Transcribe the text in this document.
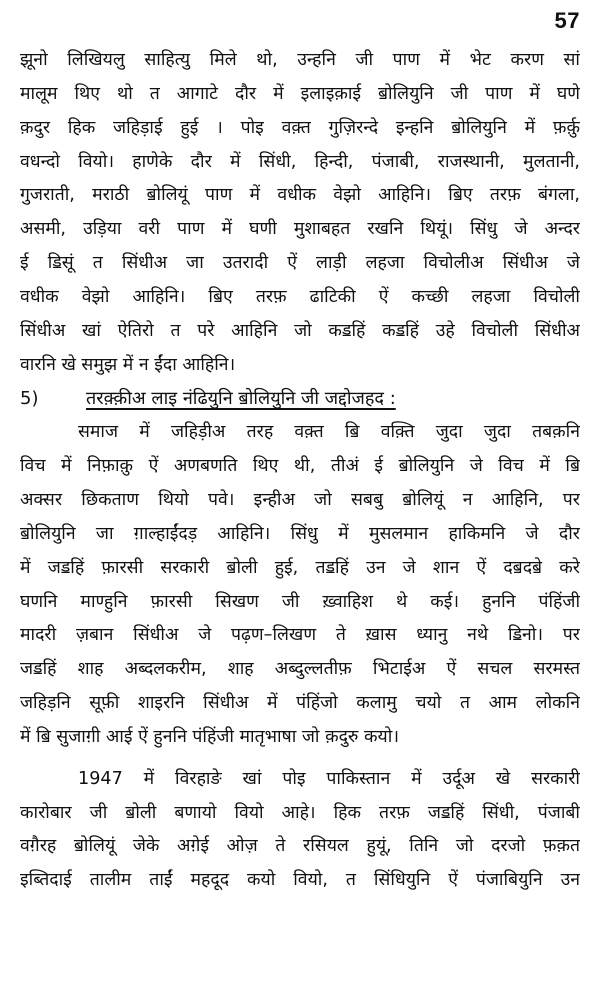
57
झूनो लिखियलु साहित्यु मिले थो, उन्हनि जी पाण में भेट करण सां
मालूम थिए थो त आगाटे दौर में इलाइक़ाई ॿोलियुनि जी पाण में घणे
क़दुर हिक जहिड़ाई हुई । पोइ वक़्त गुज़िरन्दे इन्हनि ॿोलियुनि में फ़र्क़ु
वधन्दो वियो। हाणेके दौर में सिंधी, हिन्दी, पंजाबी, राजस्थानी, मुलतानी,
गुजराती, मराठी ॿोलियूं पाण में वधीक वेझो आहिनि। ॿिए तरफ़ बंगला,
असमी, उड़िया वरी पाण में घणी मुशाबहत रखनि थियूं। सिंधु जे अन्दर
ई ॾिसूं त सिंधीअ जा उतरादी ऐं लाड़ी लहजा विचोलीअ सिंधीअ जे
वधीक वेझो आहिनि। ॿिए तरफ़ ढाटिकी ऐं कच्छी लहजा विचोली
सिंधीअ खां ऐतिरो त परे आहिनि जो कॾहिं कॾहिं उहे विचोली सिंधीअ
वारनि खे समुझ में न ईंदा आहिनि।
5)	तरक़्क़ीअ लाइ नंढियुनि ॿोलियुनि जी जद्दोजहद :
समाज में जहिड़ीअ तरह वक़्त ॿि वक़्ति जुदा जुदा तबक़नि
विच में निफ़ाक़ु ऐं अणबणति थिए थी, तीअं ई ॿोलियुनि जे विच में ॿि
अक्सर छिकताण थियो पवे। इन्हीअ जो सबबु ॿोलियूं न आहिनि, पर
ॿोलियुनि जा ग़ाल्हाईंदड़ आहिनि। सिंधु में मुसलमान हाकिमनि जे दौर
में जॾहिं फ़ारसी सरकारी ॿोली हुई, तॾहिं उन जे शान ऐं दॿदॿे करे
घणनि माण्हुनि फ़ारसी सिखण जी ख़्वाहिश थे कई। हुननि पंहिंजी
मादरी ज़बान सिंधीअ जे पढ़ण–लिखण ते ख़ास ध्यानु नथे ॾिनो। पर
जॾहिं शाह अब्दलकरीम, शाह अब्दुल्लतीफ़ भिटाईअ ऐं सचल सरमस्त
जहिड़नि सूफ़ी शाइरनि सिंधीअ में पंहिंजो कलामु चयो त आम लोकनि
में ॿि सुजाग़ी आई ऐं हुननि पंहिंजी मातृभाषा जो क़दुरु कयो।
1947 में विरहाङे खां पोइ पाकिस्तान में उर्दूअ खे सरकारी
कारोबार जी ॿोली बणायो वियो आहे। हिक तरफ़ जॾहिं सिंधी, पंजाबी
वग़ैरह ॿोलियूं जेके अग़ेई ओज़ ते रसियल हुयूं, तिनि जो दरजो फ़क़त
इब्तिदाई तालीम ताईं महदूद कयो वियो, त सिंधियुनि ऐं पंजाबियुनि उन
